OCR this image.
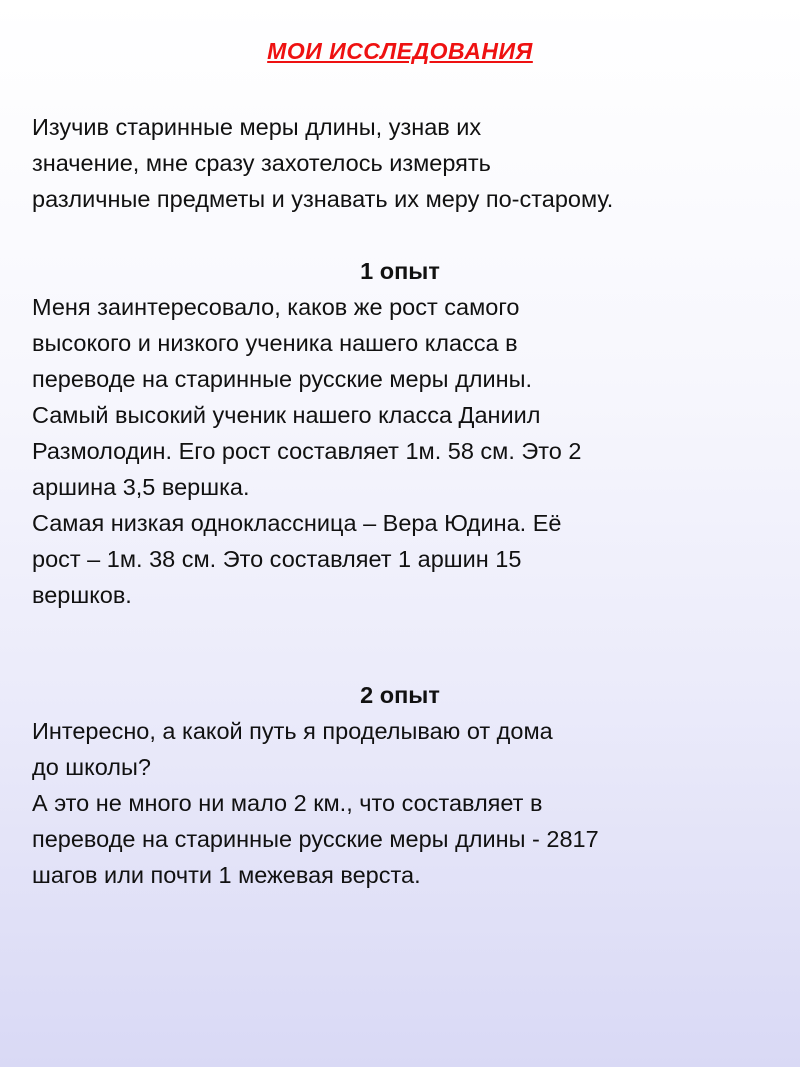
МОИ ИССЛЕДОВАНИЯ
Изучив старинные меры длины, узнав их
значение, мне сразу захотелось измерять
различные предметы и узнавать их меру по-старому.
1 опыт
Меня заинтересовало, каков же рост самого
высокого и низкого ученика нашего класса в
переводе на старинные русские меры длины.
Самый высокий ученик нашего класса Даниил
Размолодин. Его рост составляет 1м. 58 см. Это 2
аршина 3,5 вершка.
Самая низкая одноклассница – Вера Юдина. Её
рост – 1м. 38 см. Это составляет 1 аршин 15
вершков.
2 опыт
Интересно, а какой путь я проделываю от дома
до школы?
А это не много ни мало 2 км., что составляет в
переводе на старинные русские меры длины - 2817
шагов или почти 1 межевая верста.
